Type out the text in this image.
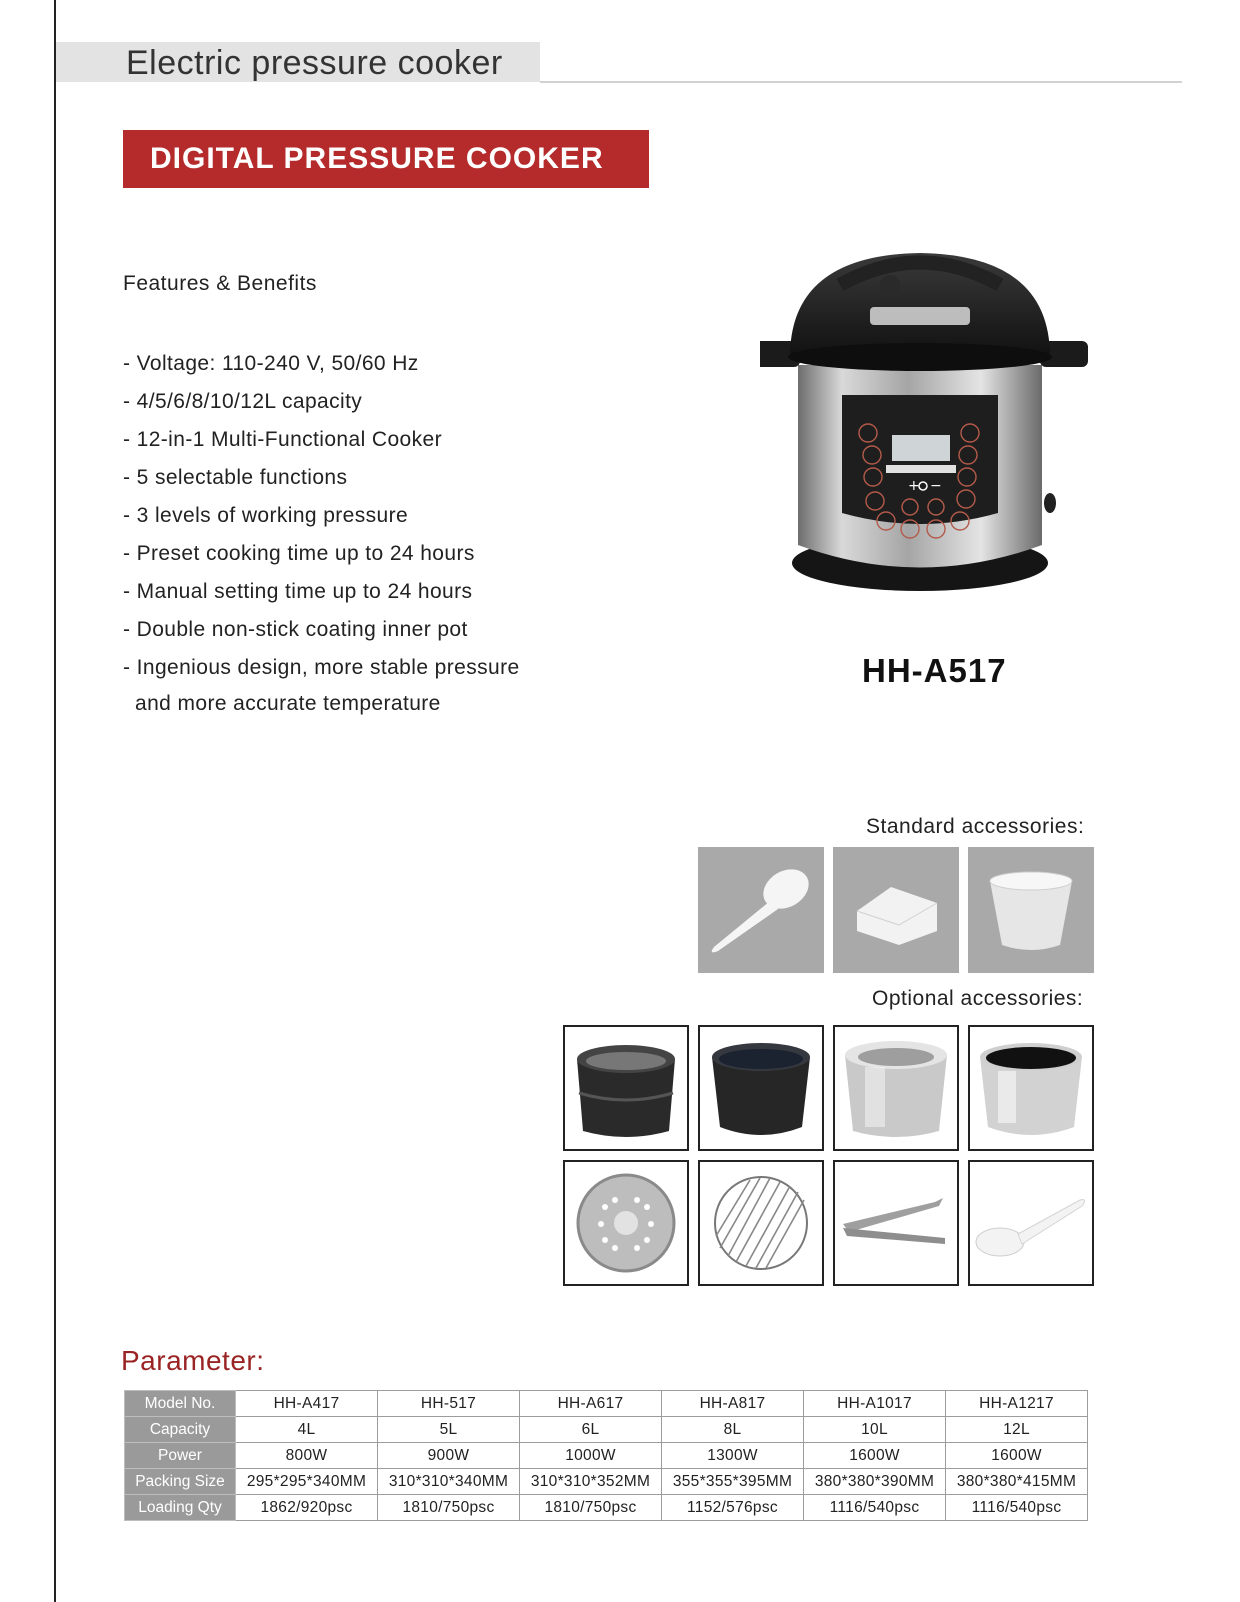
Electric pressure cooker
DIGITAL PRESSURE COOKER
Features & Benefits
- Voltage: 110-240 V, 50/60 Hz
- 4/5/6/8/10/12L capacity
- 12-in-1 Multi-Functional Cooker
- 5 selectable functions
- 3 levels of working pressure
- Preset cooking time up to 24 hours
- Manual setting time up to 24 hours
- Double non-stick coating inner pot
- Ingenious design, more stable pressure
and more accurate temperature
+ −
HH-A517
Standard accessories:
Optional accessories:
Parameter:
Model No.	HH-A417	HH-517	HH-A617	HH-A817	HH-A1017	HH-A1217
Capacity	4L	5L	6L	8L	10L	12L
Power	800W	900W	1000W	1300W	1600W	1600W
Packing Size	295*295*340MM	310*310*340MM	310*310*352MM	355*355*395MM	380*380*390MM	380*380*415MM
Loading Qty	1862/920psc	1810/750psc	1810/750psc	1152/576psc	1116/540psc	1116/540psc
